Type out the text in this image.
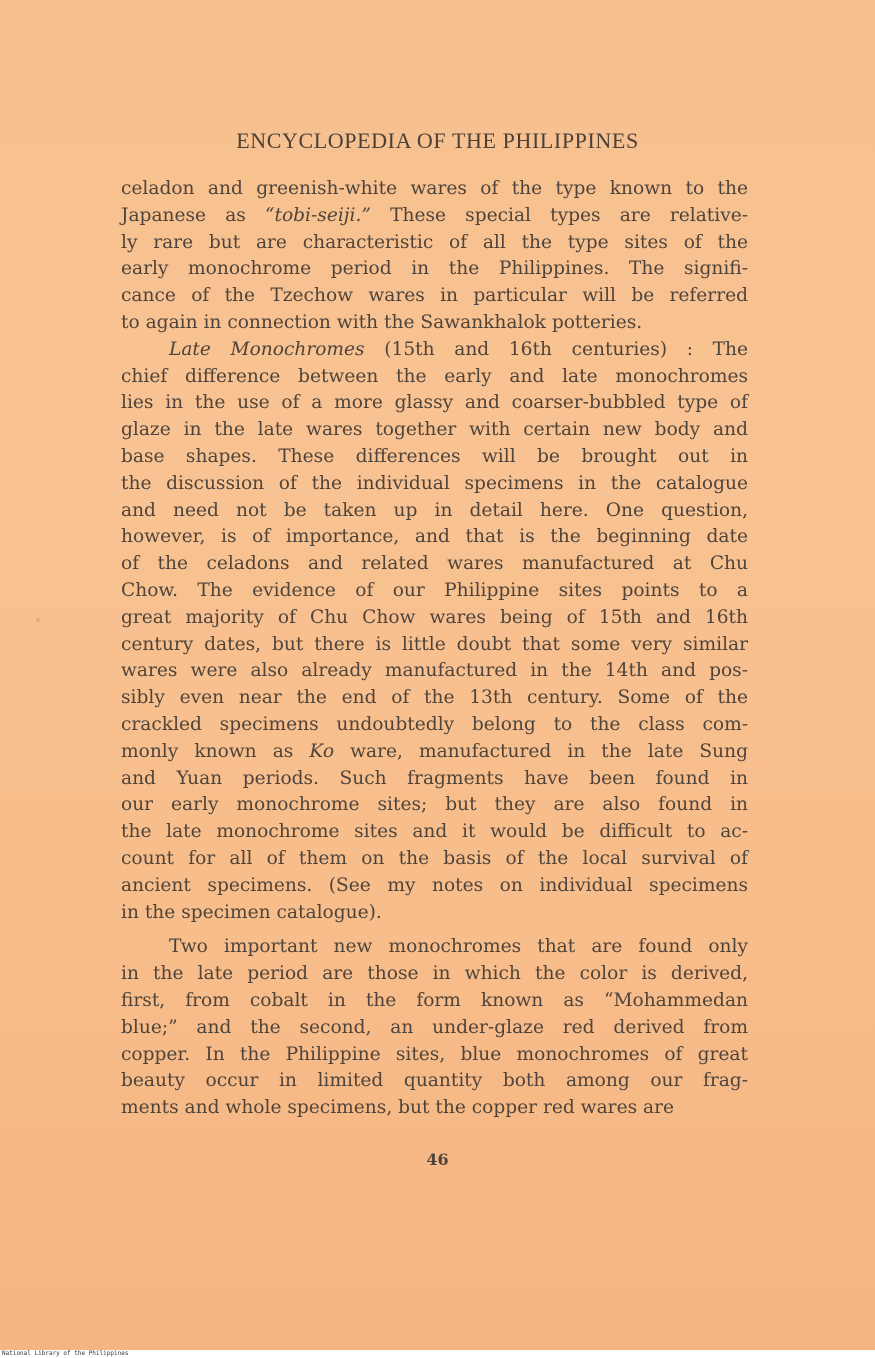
ENCYCLOPEDIA OF THE PHILIPPINES
celadon and greenish-white wares of the type known to the
Japanese as “tobi-seiji.” These special types are relative-
ly rare but are characteristic of all the type sites of the
early monochrome period in the Philippines. The signifi-
cance of the Tzechow wares in particular will be referred
to again in connection with the Sawankhalok potteries.
Late Monochromes (15th and 16th centuries) : The
chief difference between the early and late monochromes
lies in the use of a more glassy and coarser-bubbled type of
glaze in the late wares together with certain new body and
base shapes. These differences will be brought out in
the discussion of the individual specimens in the catalogue
and need not be taken up in detail here. One question,
however, is of importance, and that is the beginning date
of the celadons and related wares manufactured at Chu
Chow. The evidence of our Philippine sites points to a
great majority of Chu Chow wares being of 15th and 16th
century dates, but there is little doubt that some very similar
wares were also already manufactured in the 14th and pos-
sibly even near the end of the 13th century. Some of the
crackled specimens undoubtedly belong to the class com-
monly known as Ko ware, manufactured in the late Sung
and Yuan periods. Such fragments have been found in
our early monochrome sites; but they are also found in
the late monochrome sites and it would be difficult to ac-
count for all of them on the basis of the local survival of
ancient specimens. (See my notes on individual specimens
in the specimen catalogue).
Two important new monochromes that are found only
in the late period are those in which the color is derived,
first, from cobalt in the form known as “Mohammedan
blue;” and the second, an under-glaze red derived from
copper. In the Philippine sites, blue monochromes of great
beauty occur in limited quantity both among our frag-
ments and whole specimens, but the copper red wares are
46
National Library of the Philippines
